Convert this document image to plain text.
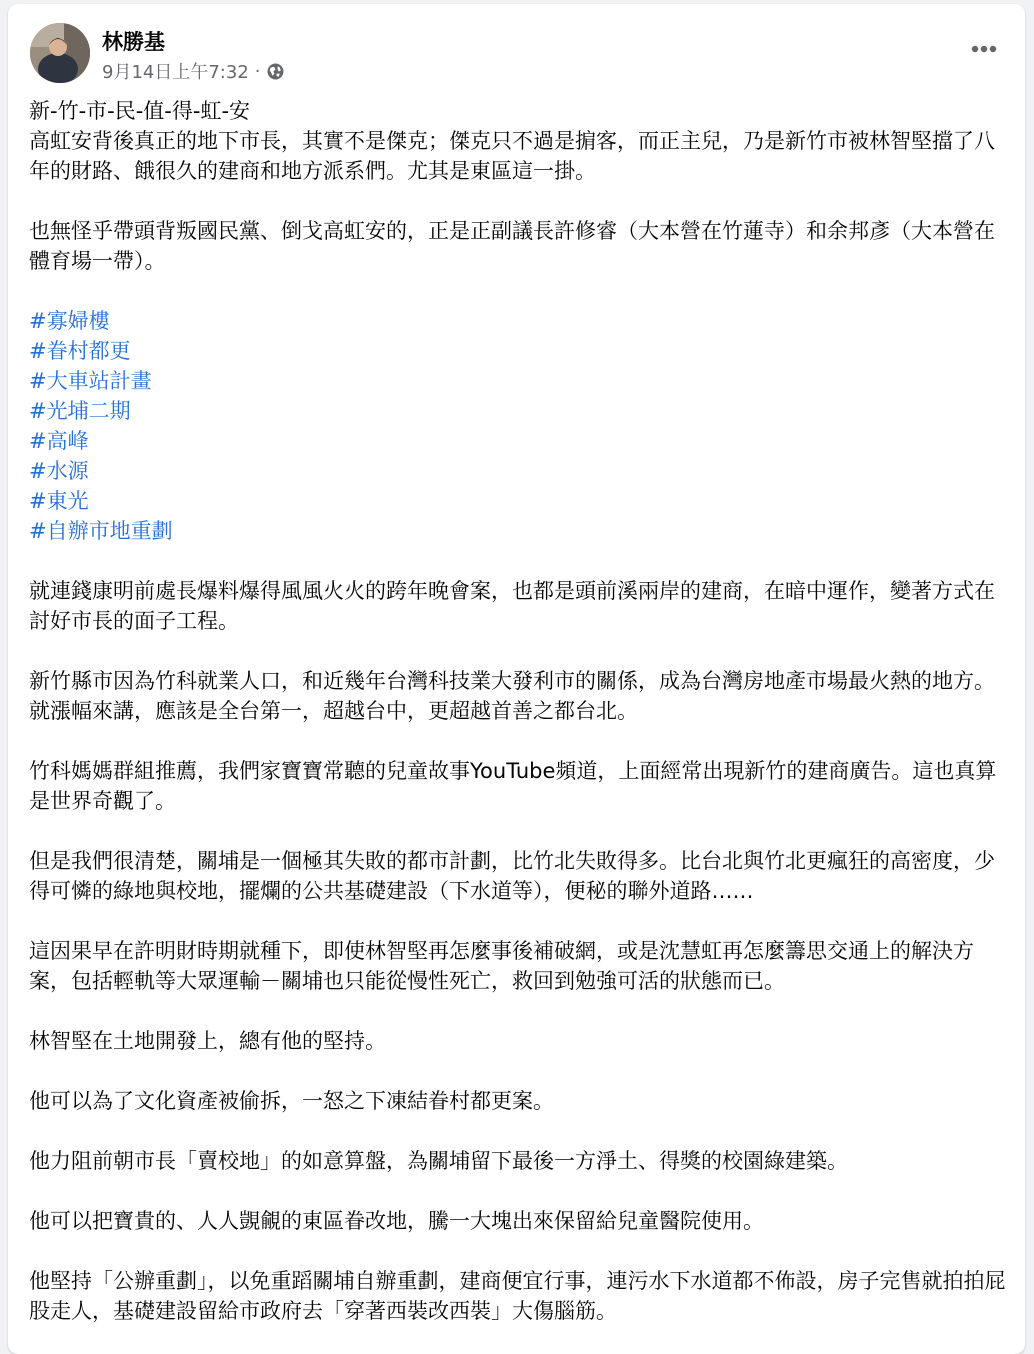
林勝基
9月14日上午7:32 ·

新-竹-市-民-值-得-虹-安

高虹安背後真正的地下市長，其實不是傑克；傑克只不過是掮客，而正主兒，乃是新竹市被林智堅擋了八年的財路、餓很久的建商和地方派系們。尤其是東區這一掛。

也無怪乎帶頭背叛國民黨、倒戈高虹安的，正是正副議長許修睿（大本營在竹蓮寺）和余邦彥（大本營在體育場一帶）。

#寡婦樓
#眷村都更
#大車站計畫
#光埔二期
#高峰
#水源
#東光
#自辦市地重劃

就連錢康明前處長爆料爆得風風火火的跨年晚會案，也都是頭前溪兩岸的建商，在暗中運作，變著方式在討好市長的面子工程。

新竹縣市因為竹科就業人口，和近幾年台灣科技業大發利市的關係，成為台灣房地產市場最火熱的地方。就漲幅來講，應該是全台第一，超越台中，更超越首善之都台北。

竹科媽媽群組推薦，我們家寶寶常聽的兒童故事YouTube頻道，上面經常出現新竹的建商廣告。這也真算是世界奇觀了。

但是我們很清楚，關埔是一個極其失敗的都市計劃，比竹北失敗得多。比台北與竹北更瘋狂的高密度，少得可憐的綠地與校地，擺爛的公共基礎建設（下水道等），便秘的聯外道路……

這因果早在許明財時期就種下，即使林智堅再怎麼事後補破網，或是沈慧虹再怎麼籌思交通上的解決方案，包括輕軌等大眾運輸－關埔也只能從慢性死亡，救回到勉強可活的狀態而已。

林智堅在土地開發上，總有他的堅持。

他可以為了文化資產被偷拆，一怒之下凍結眷村都更案。

他力阻前朝市長「賣校地」的如意算盤，為關埔留下最後一方淨土、得獎的校園綠建築。

他可以把寶貴的、人人覬覦的東區眷改地，騰一大塊出來保留給兒童醫院使用。

他堅持「公辦重劃」，以免重蹈關埔自辦重劃，建商便宜行事，連污水下水道都不佈設，房子完售就拍拍屁股走人，基礎建設留給市政府去「穿著西裝改西裝」大傷腦筋。
